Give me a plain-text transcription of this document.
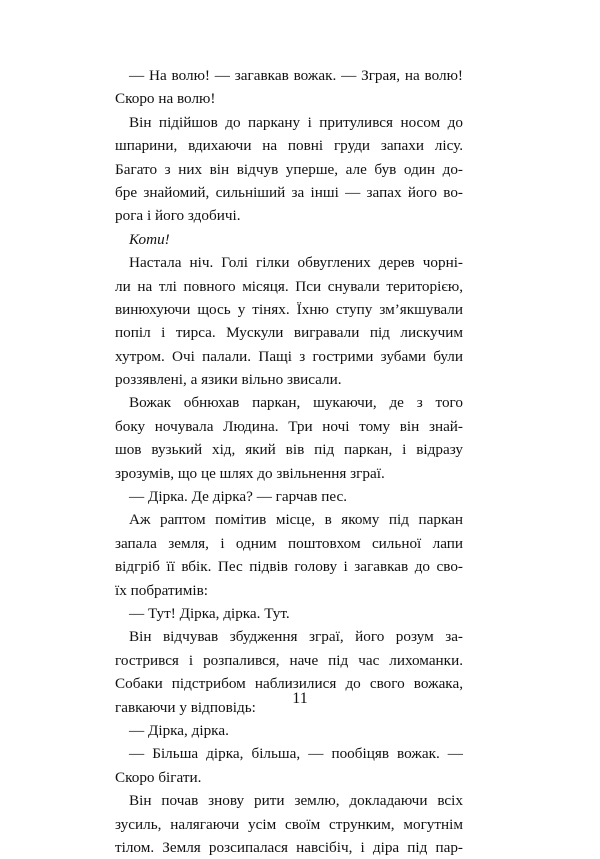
— На волю! — загавкав вожак. — Зграя, на волю!
Скоро на волю!
Він підійшов до паркану і притулився носом до
шпарини, вдихаючи на повні груди запахи лісу.
Багато з них він відчув уперше, але був один до-
бре знайомий, сильніший за інші — запах його во-
рога і його здобичі.
Коти!
Настала ніч. Голі гілки обвуглених дерев чорні-
ли на тлі повного місяця. Пси снували територією,
винюхуючи щось у тінях. Їхню ступу зм’якшували
попіл і тирса. Мускули вигравали під лискучим
хутром. Очі палали. Пащі з гострими зубами були
роззявлені, а язики вільно звисали.
Вожак обнюхав паркан, шукаючи, де з того
боку ночувала Людина. Три ночі тому він знай-
шов вузький хід, який вів під паркан, і відразу
зрозумів, що це шлях до звільнення зграї.
— Дірка. Де дірка? — гарчав пес.
Аж раптом помітив місце, в якому під паркан
запала земля, і одним поштовхом сильної лапи
відгріб її вбік. Пес підвів голову і загавкав до сво-
їх побратимів:
— Тут! Дірка, дірка. Тут.
Він відчував збудження зграї, його розум за-
гострився і розпалився, наче під час лихоманки.
Собаки підстрибом наблизилися до свого вожака,
гавкаючи у відповідь:
— Дірка, дірка.
— Більша дірка, більша, — пообіцяв вожак. —
Скоро бігати.
Він почав знову рити землю, докладаючи всіх
зусиль, налягаючи усім своїм струнким, могутнім
тілом. Земля розсипалася навсібіч, і діра під пар-
11
